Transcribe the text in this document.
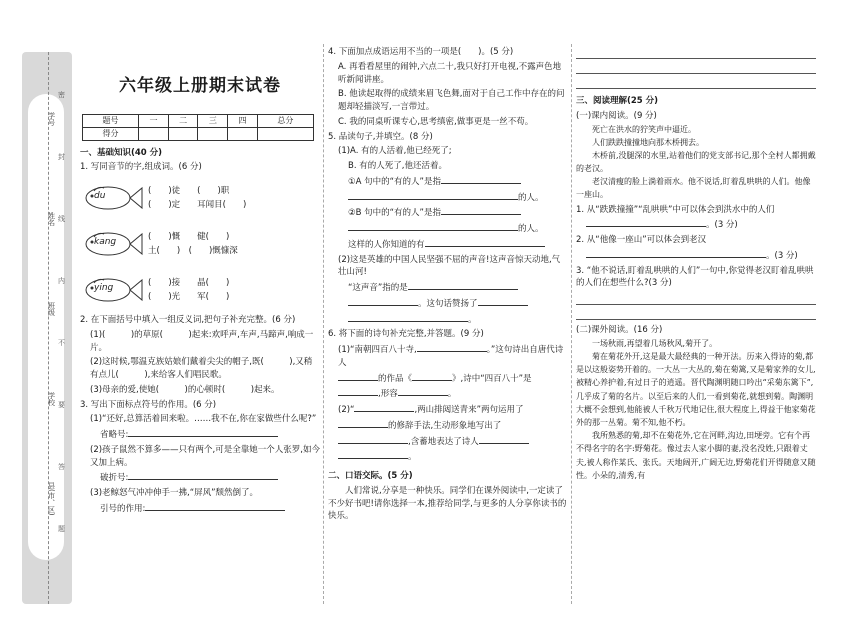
学号
姓名
班级
学校
县(市、区)
密
封
线
内
不
要
答
题
六年级上册期末试卷
题号	一	二	三	四	总分
得分					
一、基础知识(40 分)
1. 写同音节的字,组成词。(6 分)
du
(　　)徒　　(　　)职
(　　)定　　耳闻目(　　)
kang
(　　)慨　　健(　　)
土(　　)　(　　)慨慷深
ying
(　　)接　　晶(　　)
(　　)光　　军(　　)
2. 在下面括号中填入一组反义词,把句子补充完整。(6 分)
(1)(　　　)的草原(　　　)起来:欢呼声,车声,马蹄声,响成一片。
(2)这时候,鄂温克族姑娘们戴着尖尖的帽子,既(　　　),又稍有点儿(　　　),来给客人们唱民歌。
(3)母亲的爱,使她(　　　)的心顿时(　　　)起来。
3. 写出下面标点符号的作用。(6 分)
(1)“还好,总算活着回来啦。……我不在,你在家做些什么呢?”
省略号:
(2)孩子鼠然不算多——只有两个,可是全靠她一个人张罗,如今又加上病。
破折号:
(3)老鲸怒气冲冲伸手一拂,“屏风”颓然倒了。
引号的作用:
4. 下面加点成语运用不当的一项是(　　)。(5 分)
A. 再看看屋里的闹钟,六点二十,我只好打开电视,不露声色地听新闻讲座。
B. 他读起取得的成绩来眉飞色舞,面对于自己工作中存在的问题却轻描淡写,一言带过。
C. 我的同桌听课专心,思考缜密,做事更是一丝不苟。
5. 品读句子,并填空。(8 分)
(1)A. 有的人活着,他已经死了;
B. 有的人死了,他还活着。
①A 句中的“有的人”是指
的人。
②B 句中的“有的人”是指
的人。
这样的人你知道的有
(2)这是英雄的中国人民坚强不屈的声音!这声音惊天动地,气壮山河!
“这声音”指的是
。这句话赞扬了
。
6. 将下面的诗句补充完整,并答题。(9 分)
(1)“南朝四百八十寺,	。”这句诗出自唐代诗人
的作品《	》,诗中“四百八十”是
,形容	。
(2)“	,两山排闼送青来”两句运用了
的修辞手法,生动形象地写出了
,含蓄地表达了诗人
。
二、口语交际。(5 分)
人们常说,分享是一种快乐。同学们在课外阅读中,一定读了不少好书吧!请你选择一本,推荐给同学,与更多的人分享你读书的快乐。
三、阅读理解(25 分)
(一)课内阅读。(9 分)

死亡在洪水的狞笑声中逼近。

人们跌跌撞撞地向那木桥拥去。

木桥前,没腿深的水里,站着他们的党支部书记,那个全村人都拥戴的老汉。

老汉清瘦的脸上淌着雨水。他不说话,盯着乱哄哄的人们。他像一座山。

1. 从“跌跌撞撞”“乱哄哄”中可以体会到洪水中的人们
。(3 分)
2. 从“他像一座山”可以体会到老汉
。(3 分)
3. “他不说话,盯着乱哄哄的人们”一句中,你觉得老汉盯着乱哄哄的人们在想些什么?(3 分)
(二)课外阅读。(16 分)

一场秋雨,再望着几场秋风,菊开了。

菊在菊花外开,这是最大最经典的一种开法。历来入得诗的菊,都是以这般姿势开着的。一大丛一大丛的,菊在菊篱,又是菊家养的女儿,被精心养护着,有过日子的逍遥。晋代陶渊明随口吟出“采菊东篱下”,几乎成了菊的名片。以至后来的人们,一看到菊花,就想到菊。陶渊明大概不会想到,他能被人千秋万代地记住,很大程度上,得益于他家菊花外的那一丛菊。菊不知,他不朽。

我所熟悉的菊,却不在菊花外,它在河畔,沟边,田埂旁。它有个再不得名字的名字:野菊花。像过去人家小脚的妻,没名没姓,只跟着丈夫,被人称作某氏、张氏。天地阔开,广阔无边,野菊花们开得随意又随性。小朵的,清秀,有
